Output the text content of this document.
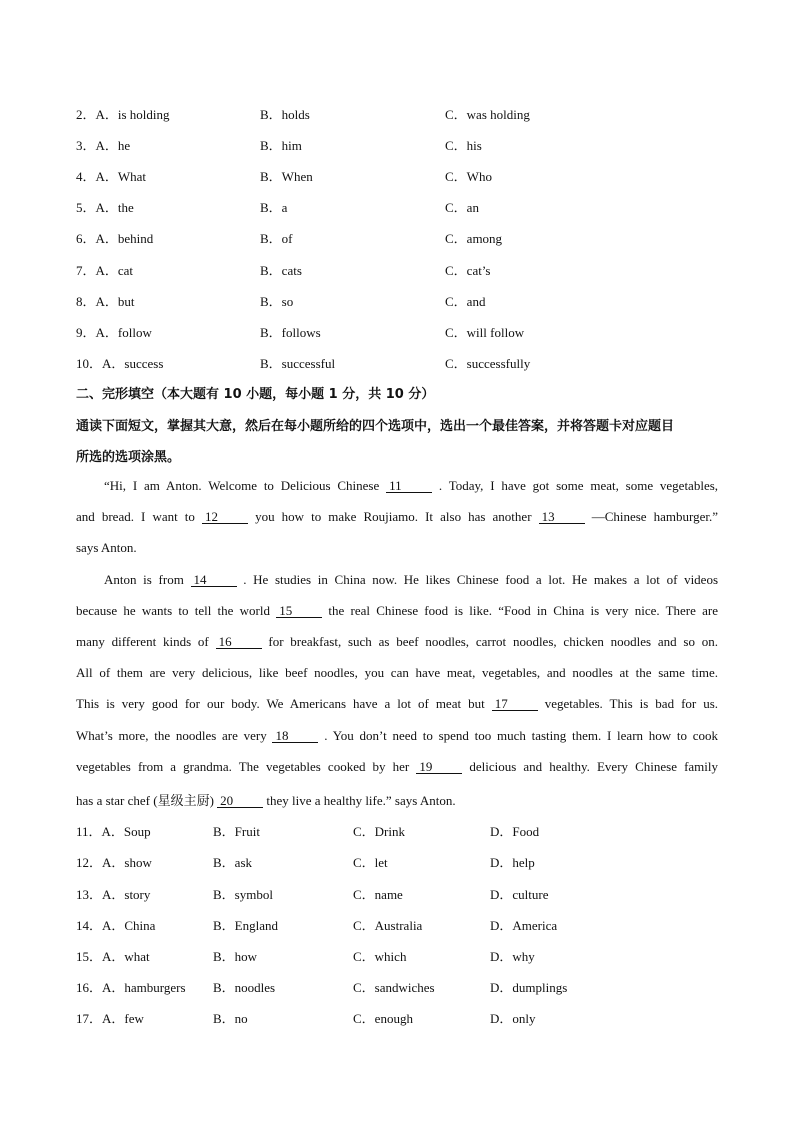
2．A．is holding	B．holds	C．was holding
3．A．he	B．him	C．his
4．A．What	B．When	C．Who
5．A．the	B．a	C．an
6．A．behind	B．of	C．among
7．A．cat	B．cats	C．cat’s
8．A．but	B．so	C．and
9．A．follow	B．follows	C．will follow
10．A．success	B．successful	C．successfully
二、完形填空（本大题有 10 小题，每小题 1 分，共 10 分）
通读下面短文，掌握其大意，然后在每小题所给的四个选项中，选出一个最佳答案，并将答题卡对应题目
所选的选项涂黑。
“Hi, I am Anton. Welcome to Delicious Chinese 11	. Today, I have got some meat, some vegetables,
and bread. I want to 12	you how to make Roujiamo. It also has another 13	—Chinese hamburger.”
says Anton.
Anton is from 14	. He studies in China now. He likes Chinese food a lot. He makes a lot of videos
because he wants to tell the world 15	the real Chinese food is like. “Food in China is very nice. There are
many different kinds of 16	for breakfast, such as beef noodles, carrot noodles, chicken noodles and so on.
All of them are very delicious, like beef noodles, you can have meat, vegetables, and noodles at the same time.
This is very good for our body. We Americans have a lot of meat but 17	vegetables. This is bad for us.
What’s more, the noodles are very 18	. You don’t need to spend too much tasting them. I learn how to cook
vegetables from a grandma. The vegetables cooked by her 19	delicious and healthy. Every Chinese family
has a star chef (星级主厨) 20	they live a healthy life.” says Anton.
11．A．Soup	B．Fruit	C．Drink	D．Food
12．A．show	B．ask	C．let	D．help
13．A．story	B．symbol	C．name	D．culture
14．A．China	B．England	C．Australia	D．America
15．A．what	B．how	C．which	D．why
16．A．hamburgers B．noodles	C．sandwiches	D．dumplings
17．A．few	B．no	C．enough	D．only
